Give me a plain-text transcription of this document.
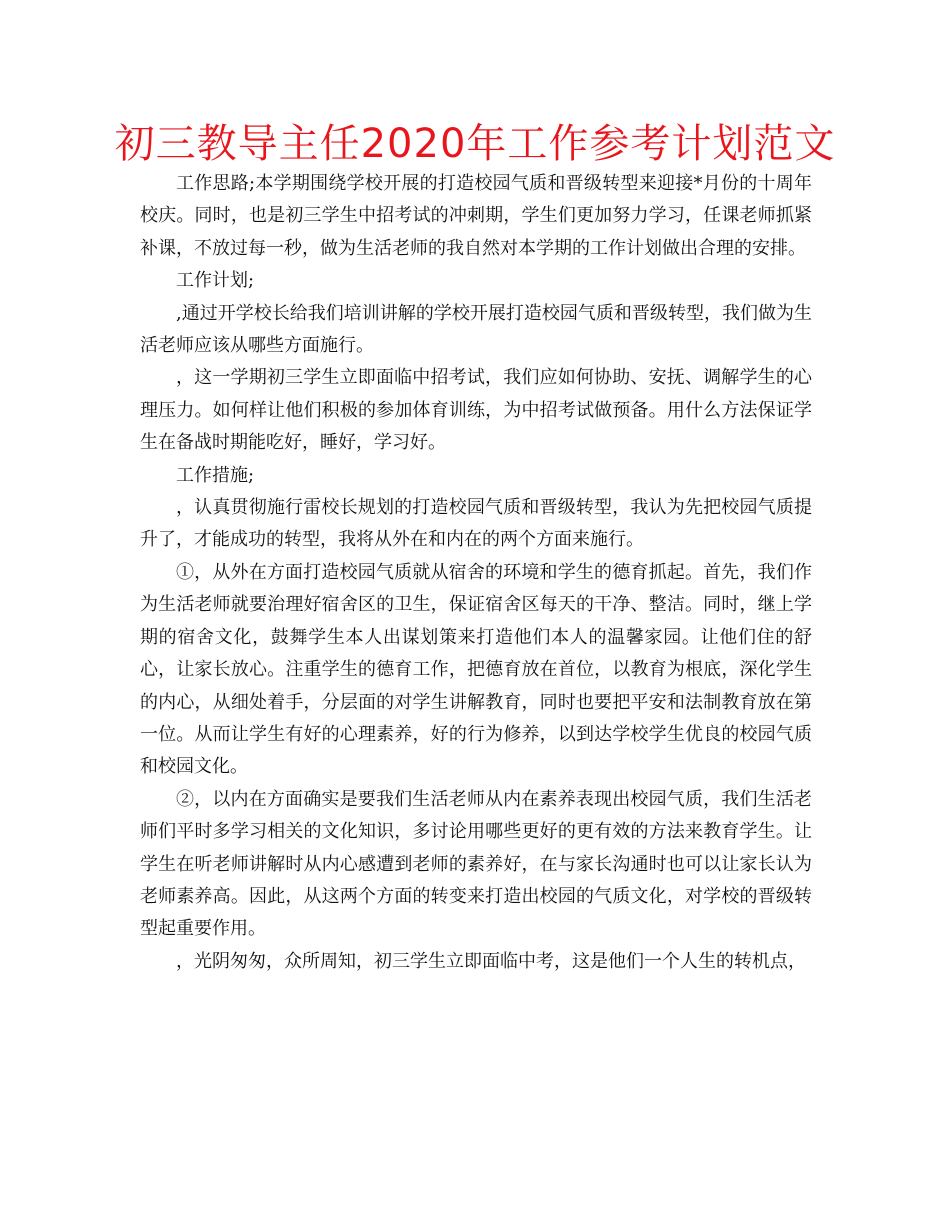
初三教导主任2020年工作参考计划范文

工作思路;本学期围绕学校开展的打造校园气质和晋级转型来迎接*月份的十周年校庆。同时，也是初三学生中招考试的冲刺期，学生们更加努力学习，任课老师抓紧补课，不放过每一秒，做为生活老师的我自然对本学期的工作计划做出合理的安排。

工作计划;

,通过开学校长给我们培训讲解的学校开展打造校园气质和晋级转型，我们做为生活老师应该从哪些方面施行。

，这一学期初三学生立即面临中招考试，我们应如何协助、安抚、调解学生的心理压力。如何样让他们积极的参加体育训练，为中招考试做预备。用什么方法保证学生在备战时期能吃好，睡好，学习好。

工作措施;

，认真贯彻施行雷校长规划的打造校园气质和晋级转型，我认为先把校园气质提升了，才能成功的转型，我将从外在和内在的两个方面来施行。

①，从外在方面打造校园气质就从宿舍的环境和学生的德育抓起。首先，我们作为生活老师就要治理好宿舍区的卫生，保证宿舍区每天的干净、整洁。同时，继上学期的宿舍文化，鼓舞学生本人出谋划策来打造他们本人的温馨家园。让他们住的舒心，让家长放心。注重学生的德育工作，把德育放在首位，以教育为根底，深化学生的内心，从细处着手，分层面的对学生讲解教育，同时也要把平安和法制教育放在第一位。从而让学生有好的心理素养，好的行为修养，以到达学校学生优良的校园气质和校园文化。

②，以内在方面确实是要我们生活老师从内在素养表现出校园气质，我们生活老师们平时多学习相关的文化知识，多讨论用哪些更好的更有效的方法来教育学生。让学生在听老师讲解时从内心感遭到老师的素养好，在与家长沟通时也可以让家长认为老师素养高。因此，从这两个方面的转变来打造出校园的气质文化，对学校的晋级转型起重要作用。

，光阴匆匆，众所周知，初三学生立即面临中考，这是他们一个人生的转机点，
